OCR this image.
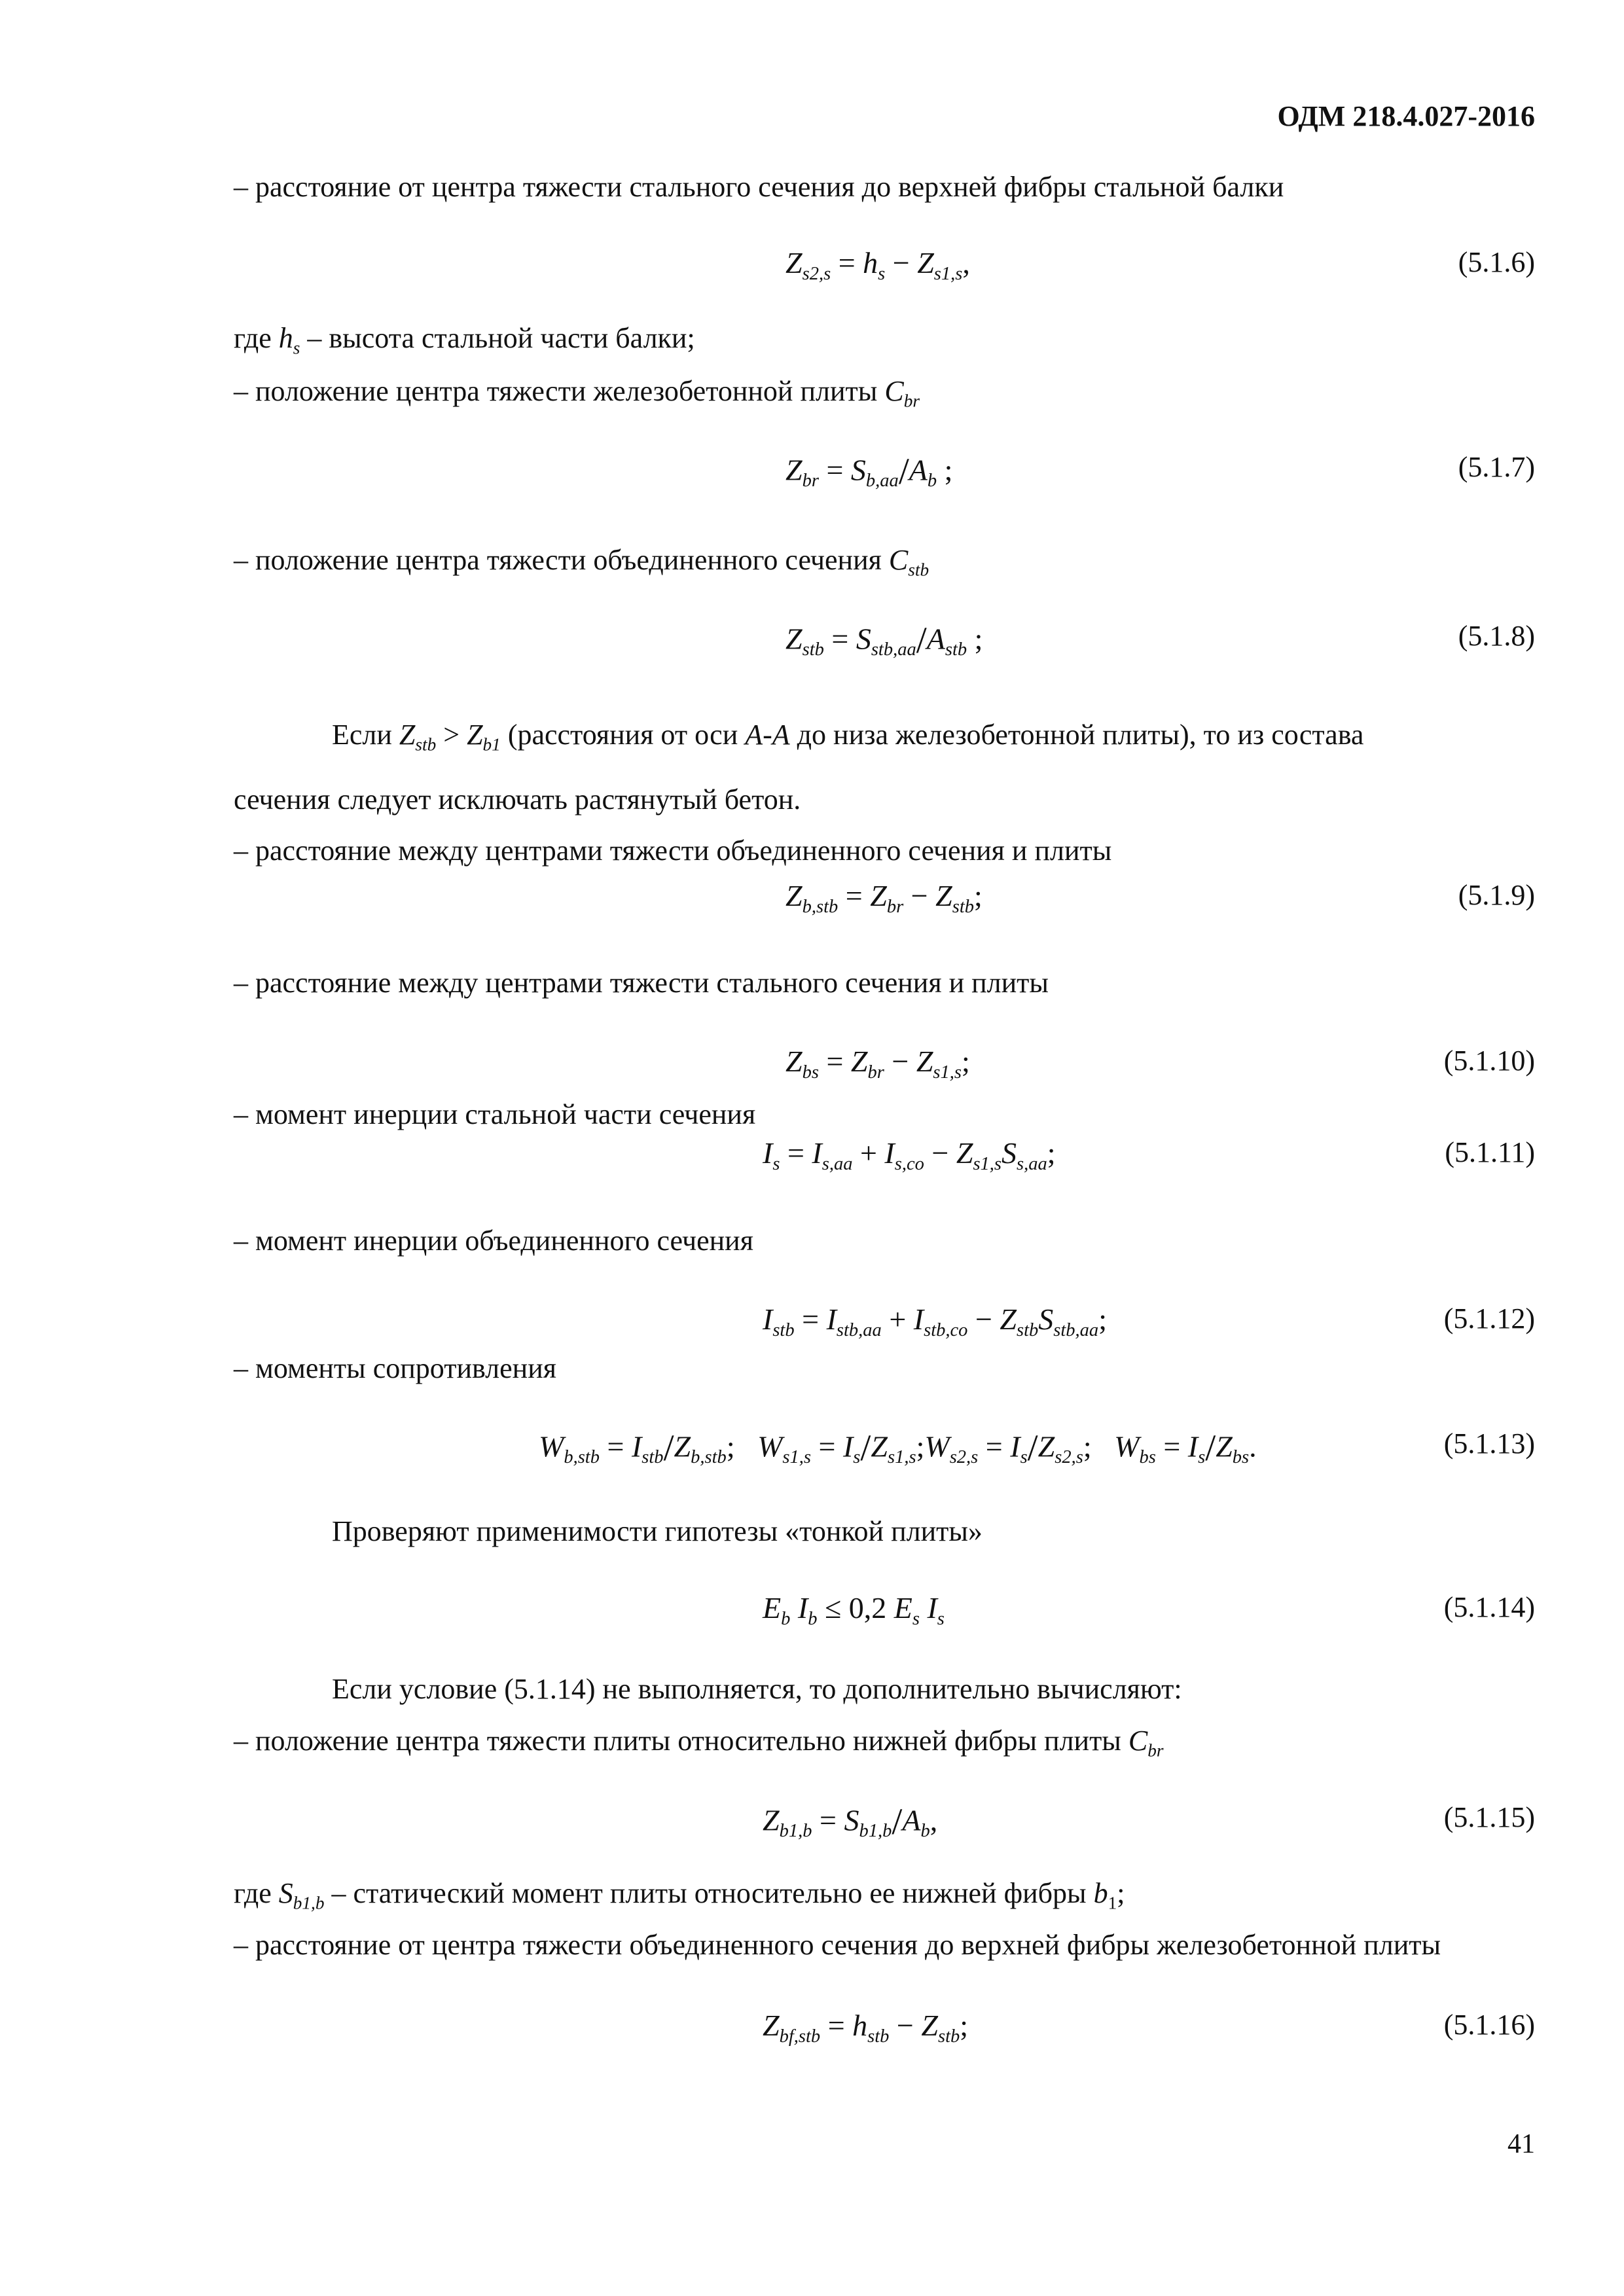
ОДМ 218.4.027-2016
– расстояние от центра тяжести стального сечения до верхней фибры стальной балки
$Z_{s2,s} = h_s - Z_{s1,s}$,	(5.1.6)
где $h_s$ – высота стальной части балки;
– положение центра тяжести железобетонной плиты $C_{br}$
$Z_{br} = S_{b,aa}/A_b$ ;	(5.1.7)
– положение центра тяжести объединенного сечения $C_{stb}$
$Z_{stb} = S_{stb,aa}/A_{stb}$ ;	(5.1.8)
Если $Z_{stb} > Z_{b1}$ (расстояния от оси A-A до низа железобетонной плиты), то из состава
сечения следует исключать растянутый бетон.
– расстояние между центрами тяжести объединенного сечения и плиты
$Z_{b,stb} = Z_{br} - Z_{stb}$;	(5.1.9)
– расстояние между центрами тяжести стального сечения и плиты
$Z_{bs} = Z_{br} - Z_{s1,s}$;	(5.1.10)
– момент инерции стальной части сечения
$I_s = I_{s,aa} + I_{s,co} - Z_{s1,s}S_{s,aa}$;	(5.1.11)
– момент инерции объединенного сечения
$I_{stb} = I_{stb,aa} + I_{stb,co} - Z_{stb}S_{stb,aa}$;	(5.1.12)
– моменты сопротивления
$W_{b,stb} = I_{stb}/Z_{b,stb}$;   $W_{s1,s}$ = $I_s/Z_{s1,s};W_{s2,s} = I_s/Z_{s2,s}$;   $W_{bs} = I_s/Z_{bs}$.	(5.1.13)
Проверяют применимости гипотезы «тонкой плиты»
$E_b$ $I_b \le 0,2$ $E_s$ $I_s$	(5.1.14)
Если условие (5.1.14) не выполняется, то дополнительно вычисляют:
– положение центра тяжести плиты относительно нижней фибры плиты $C_{br}$
$Z_{b1,b} = S_{b1,b}/A_b$,	(5.1.15)
где $S_{b1,b}$ – статический момент плиты относительно ее нижней фибры $b_1$;
– расстояние от центра тяжести объединенного сечения до верхней фибры железобетонной плиты
$Z_{bf,stb} = h_{stb} - Z_{stb}$;	(5.1.16)
41
